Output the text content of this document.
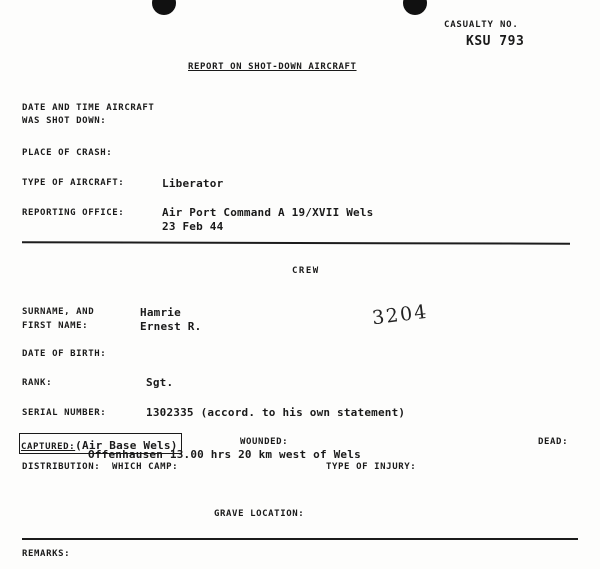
CASUALTY NO.
KSU 793
REPORT ON SHOT-DOWN AIRCRAFT
DATE AND TIME AIRCRAFT
WAS SHOT DOWN:
PLACE OF CRASH:
TYPE OF AIRCRAFT:	Liberator
REPORTING OFFICE:	Air Port Command A 19/XVII Wels
23 Feb 44
CREW
SURNAME, AND	Hamrie
FIRST NAME:	Ernest R.	3204
DATE OF BIRTH:
RANK:	Sgt.
SERIAL NUMBER:	1302335 (accord. to his own statement)
CAPTURED:(Air Base Wels)	WOUNDED:	DEAD:
Offenhausen 13.00 hrs 20 km west of Wels
DISTRIBUTION: WHICH CAMP:	TYPE OF INJURY:
GRAVE LOCATION:
REMARKS:
